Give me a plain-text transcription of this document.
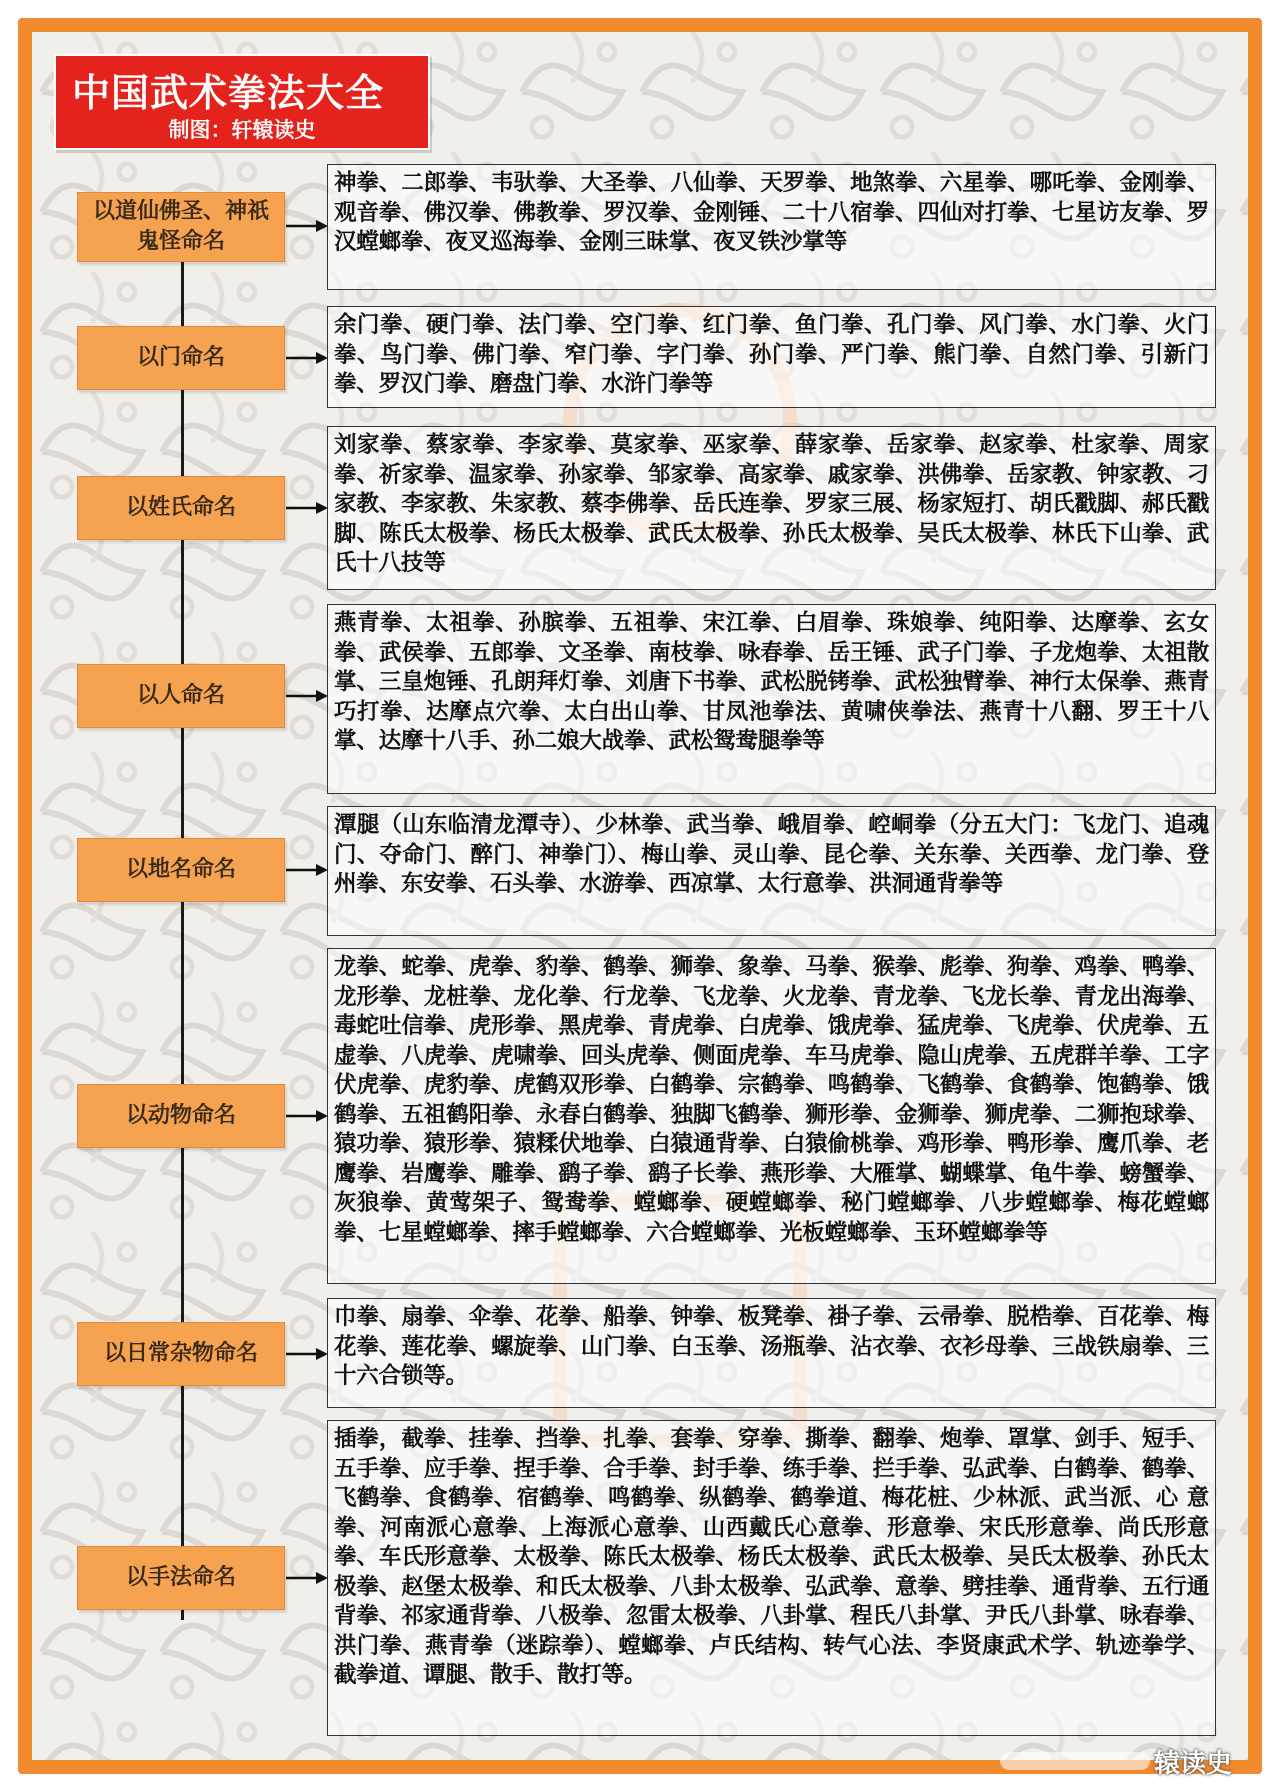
中国武术拳法大全
制图：轩辕读史
以道仙佛圣、神祇鬼怪命名
神拳、二郎拳、韦驮拳、大圣拳、八仙拳、天罗拳、地煞拳、六星拳、哪吒拳、金刚拳、观音拳、佛汉拳、佛教拳、罗汉拳、金刚锤、二十八宿拳、四仙对打拳、七星访友拳、罗汉螳螂拳、夜叉巡海拳、金刚三昧掌、夜叉铁沙掌等
以门命名
余门拳、硬门拳、法门拳、空门拳、红门拳、鱼门拳、孔门拳、风门拳、水门拳、火门拳、鸟门拳、佛门拳、窄门拳、字门拳、孙门拳、严门拳、熊门拳、自然门拳、引新门拳、罗汉门拳、磨盘门拳、水浒门拳等
以姓氏命名
刘家拳、蔡家拳、李家拳、莫家拳、巫家拳、薛家拳、岳家拳、赵家拳、杜家拳、周家拳、祈家拳、温家拳、孙家拳、邹家拳、高家拳、戚家拳、洪佛拳、岳家教、钟家教、刁家教、李家教、朱家教、蔡李佛拳、岳氏连拳、罗家三展、杨家短打、胡氏戳脚、郝氏戳脚、陈氏太极拳、杨氏太极拳、武氏太极拳、孙氏太极拳、吴氏太极拳、林氏下山拳、武氏十八技等
以人命名
燕青拳、太祖拳、孙膑拳、五祖拳、宋江拳、白眉拳、珠娘拳、纯阳拳、达摩拳、玄女拳、武侯拳、五郎拳、文圣拳、南枝拳、咏春拳、岳王锤、武子门拳、子龙炮拳、太祖散掌、三皇炮锤、孔朗拜灯拳、刘唐下书拳、武松脱铐拳、武松独臂拳、神行太保拳、燕青巧打拳、达摩点穴拳、太白出山拳、甘凤池拳法、黄啸侠拳法、燕青十八翻、罗王十八掌、达摩十八手、孙二娘大战拳、武松鸳鸯腿拳等
以地名命名
潭腿（山东临清龙潭寺）、少林拳、武当拳、峨眉拳、崆峒拳（分五大门：飞龙门、追魂门、夺命门、醉门、神拳门）、梅山拳、灵山拳、昆仑拳、关东拳、关西拳、龙门拳、登州拳、东安拳、石头拳、水游拳、西凉掌、太行意拳、洪洞通背拳等
以动物命名
龙拳、蛇拳、虎拳、豹拳、鹤拳、狮拳、象拳、马拳、猴拳、彪拳、狗拳、鸡拳、鸭拳、龙形拳、龙桩拳、龙化拳、行龙拳、飞龙拳、火龙拳、青龙拳、飞龙长拳、青龙出海拳、毒蛇吐信拳、虎形拳、黑虎拳、青虎拳、白虎拳、饿虎拳、猛虎拳、飞虎拳、伏虎拳、五虚拳、八虎拳、虎啸拳、回头虎拳、侧面虎拳、车马虎拳、隐山虎拳、五虎群羊拳、工字伏虎拳、虎豹拳、虎鹤双形拳、白鹤拳、宗鹤拳、鸣鹤拳、飞鹤拳、食鹤拳、饱鹤拳、饿鹤拳、五祖鹤阳拳、永春白鹤拳、独脚飞鹤拳、狮形拳、金狮拳、狮虎拳、二狮抱球拳、猿功拳、猿形拳、猿糅伏地拳、白猿通背拳、白猿偷桃拳、鸡形拳、鸭形拳、鹰爪拳、老鹰拳、岩鹰拳、雕拳、鹞子拳、鹞子长拳、燕形拳、大雁掌、蝴蝶掌、龟牛拳、螃蟹拳、灰狼拳、黄莺架子、鸳鸯拳、螳螂拳、硬螳螂拳、秘门螳螂拳、八步螳螂拳、梅花螳螂拳、七星螳螂拳、摔手螳螂拳、六合螳螂拳、光板螳螂拳、玉环螳螂拳等
以日常杂物命名
巾拳、扇拳、伞拳、花拳、船拳、钟拳、板凳拳、褂子拳、云帚拳、脱梏拳、百花拳、梅花拳、莲花拳、螺旋拳、山门拳、白玉拳、汤瓶拳、沾衣拳、衣衫母拳、三战铁扇拳、三十六合锁等。
以手法命名
插拳，截拳、挂拳、挡拳、扎拳、套拳、穿拳、撕拳、翻拳、炮拳、罩掌、剑手、短手、五手拳、应手拳、捏手拳、合手拳、封手拳、练手拳、拦手拳、弘武拳、白鹤拳、鹤拳、飞鹤拳、食鹤拳、宿鹤拳、鸣鹤拳、纵鹤拳、鹤拳道、梅花桩、少林派、武当派、心 意拳、河南派心意拳、上海派心意拳、山西戴氏心意拳、形意拳、宋氏形意拳、尚氏形意拳、车氏形意拳、太极拳、陈氏太极拳、杨氏太极拳、武氏太极拳、吴氏太极拳、孙氏太极拳、赵堡太极拳、和氏太极拳、八卦太极拳、弘武拳、意拳、劈挂拳、通背拳、五行通背拳、祁家通背拳、八极拳、忽雷太极拳、八卦掌、程氏八卦掌、尹氏八卦掌、咏春拳、洪门拳、燕青拳（迷踪拳）、螳螂拳、卢氏结构、转气心法、李贤康武术学、轨迹拳学、截拳道、谭腿、散手、散打等。
辕读史
